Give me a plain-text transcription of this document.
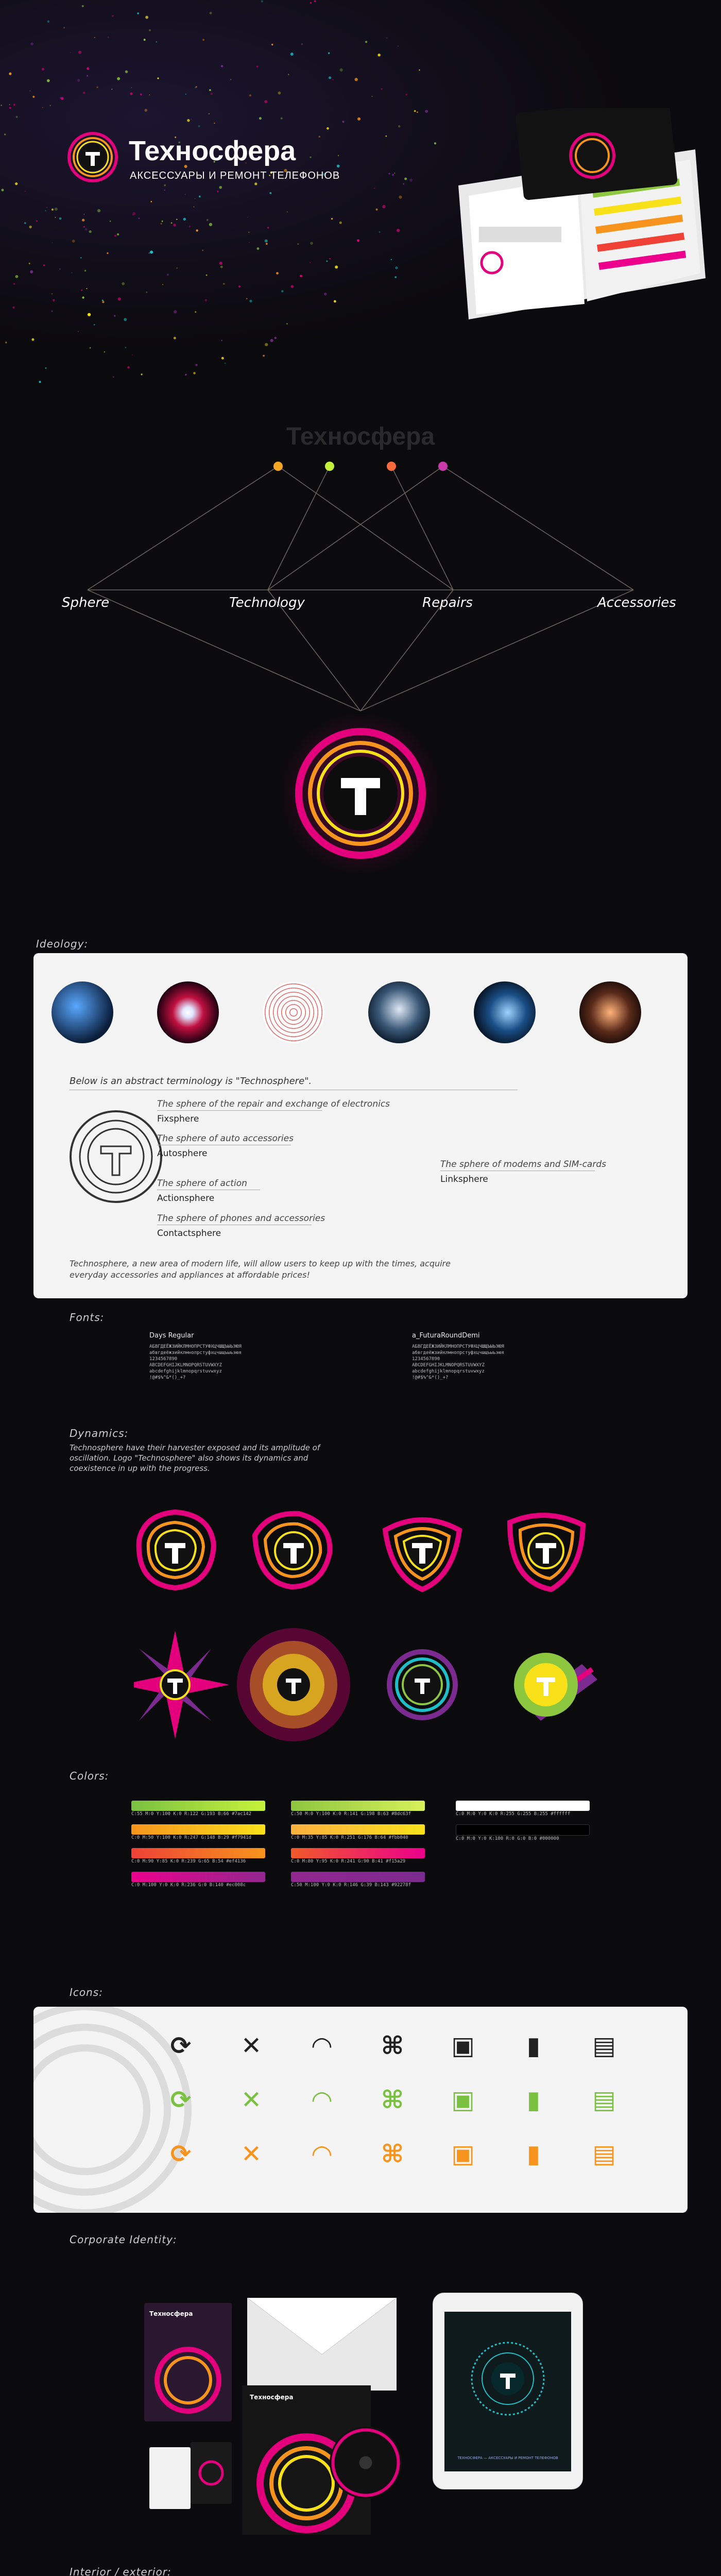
Техносфера
АКСЕССУАРЫ И РЕМОНТ ТЕЛЕФОНОВ
Техносфера
Sphere	Technology	Repairs	Accessories
Ideology:
Below is an abstract terminology is "Technosphere".
The sphere of the repair and exchange of electronics
Fixsphere
The sphere of auto accessories
Autosphere
The sphere of action
Actionsphere
The sphere of phones and accessories
Contactsphere
The sphere of modems and SIM-cards
Linksphere
Technosphere, a new area of modern life, will allow users to keep up with the times, acquire everyday accessories and appliances at affordable prices!
Fonts:
Days Regular
АБВГДЕЁЖЗИЙКЛМНОПРСТУФХЦЧШЩЪЫЬЭЮЯ
абвгдеёжзийклмнопрстуфхцчшщъыьэюя
1234567890
ABCDEFGHIJKLMNOPQRSTUVWXYZ
abcdefghijklmnopqrstuvwxyz
!@#$%^&*()_+?
a_FuturaRoundDemi
АБВГДЕЁЖЗИЙКЛМНОПРСТУФХЦЧШЩЪЫЬЭЮЯ
абвгдеёжзийклмнопрстуфхцчшщъыьэюя
1234567890
ABCDEFGHIJKLMNOPQRSTUVWXYZ
abcdefghijklmnopqrstuvwxyz
!@#$%^&*()_+?
Dynamics:
Technosphere have their harvester exposed and its amplitude of oscillation. Logo "Technosphere" also shows its dynamics and coexistence in up with the progress.
Colors:
C:55 M:0 Y:100 K:0 R:122 G:193 B:66 #7ac142
C:0 M:50 Y:100 K:0 R:247 G:148 B:29 #f7941d
C:0 M:90 Y:85 K:0 R:239 G:65 B:54 #ef4136
C:0 M:100 Y:0 K:0 R:236 G:0 B:140 #ec008c
C:50 M:0 Y:100 K:0 R:141 G:198 B:63 #8dc63f
C:0 M:35 Y:85 K:0 R:251 G:176 B:64 #fbb040
C:0 M:80 Y:95 K:0 R:241 G:90 B:41 #f15a29
C:50 M:100 Y:0 K:0 R:146 G:39 B:143 #92278f
C:0 M:0 Y:0 K:0 R:255 G:255 B:255 #ffffff
C:0 M:0 Y:0 K:100 R:0 G:0 B:0 #000000
Icons:
⟳	✕	◠	⌘ ▣	▮	▤
⟳	✕	◠	⌘ ▣	▮	▤
⟳	✕	◠	⌘ ▣	▮	▤
Corporate Identity:
Техносфера
Техносфера
ТЕХНОСФЕРА — АКСЕССУАРЫ И РЕМОНТ ТЕЛЕФОНОВ
Interior / exterior:
